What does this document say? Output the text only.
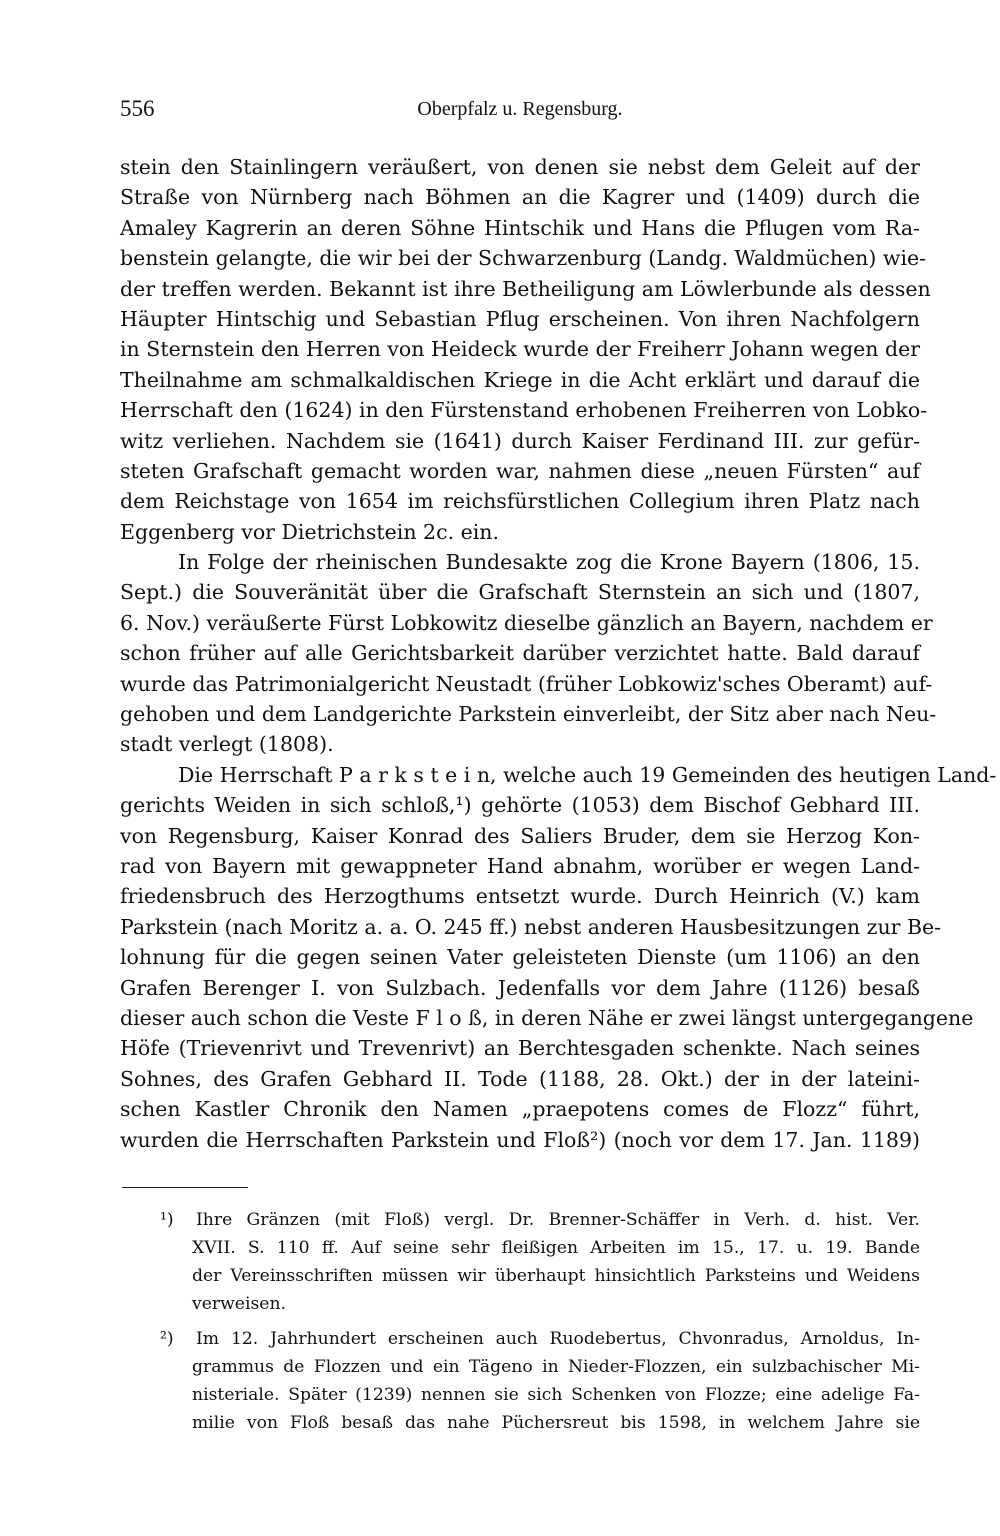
556	Oberpfalz u. Regensburg.
stein den Stainlingern veräußert, von denen sie nebst dem Geleit auf der
Straße von Nürnberg nach Böhmen an die Kagrer und (1409) durch die
Amaley Kagrerin an deren Söhne Hintschik und Hans die Pflugen vom Ra-
benstein gelangte, die wir bei der Schwarzenburg (Landg. Waldmüchen) wie-
der treffen werden. Bekannt ist ihre Betheiligung am Löwlerbunde als dessen
Häupter Hintschig und Sebastian Pflug erscheinen. Von ihren Nachfolgern
in Sternstein den Herren von Heideck wurde der Freiherr Johann wegen der
Theilnahme am schmalkaldischen Kriege in die Acht erklärt und darauf die
Herrschaft den (1624) in den Fürstenstand erhobenen Freiherren von Lobko-
witz verliehen. Nachdem sie (1641) durch Kaiser Ferdinand III. zur gefür-
steten Grafschaft gemacht worden war, nahmen diese „neuen Fürsten“ auf
dem Reichstage von 1654 im reichsfürstlichen Collegium ihren Platz nach
Eggenberg vor Dietrichstein 2c. ein.
In Folge der rheinischen Bundesakte zog die Krone Bayern (1806, 15.
Sept.) die Souveränität über die Grafschaft Sternstein an sich und (1807,
6. Nov.) veräußerte Fürst Lobkowitz dieselbe gänzlich an Bayern, nachdem er
schon früher auf alle Gerichtsbarkeit darüber verzichtet hatte. Bald darauf
wurde das Patrimonialgericht Neustadt (früher Lobkowiz'sches Oberamt) auf-
gehoben und dem Landgerichte Parkstein einverleibt, der Sitz aber nach Neu-
stadt verlegt (1808).
Die Herrschaft P a r k s t e i n, welche auch 19 Gemeinden des heutigen Land-
gerichts Weiden in sich schloß,¹) gehörte (1053) dem Bischof Gebhard III.
von Regensburg, Kaiser Konrad des Saliers Bruder, dem sie Herzog Kon-
rad von Bayern mit gewappneter Hand abnahm, worüber er wegen Land-
friedensbruch des Herzogthums entsetzt wurde. Durch Heinrich (V.) kam
Parkstein (nach Moritz a. a. O. 245 ff.) nebst anderen Hausbesitzungen zur Be-
lohnung für die gegen seinen Vater geleisteten Dienste (um 1106) an den
Grafen Berenger I. von Sulzbach. Jedenfalls vor dem Jahre (1126) besaß
dieser auch schon die Veste F l o ß, in deren Nähe er zwei längst untergegangene
Höfe (Trievenrivt und Trevenrivt) an Berchtesgaden schenkte. Nach seines
Sohnes, des Grafen Gebhard II. Tode (1188, 28. Okt.) der in der lateini-
schen Kastler Chronik den Namen „praepotens comes de Flozz“ führt,
wurden die Herrschaften Parkstein und Floß²) (noch vor dem 17. Jan. 1189)
¹) Ihre Gränzen (mit Floß) vergl. Dr. Brenner-Schäffer in Verh. d. hist. Ver.
XVII. S. 110 ff. Auf seine sehr fleißigen Arbeiten im 15., 17. u. 19. Bande
der Vereinsschriften müssen wir überhaupt hinsichtlich Parksteins und Weidens
verweisen.
²) Im 12. Jahrhundert erscheinen auch Ruodebertus, Chvonradus, Arnoldus, In-
grammus de Flozzen und ein Tägeno in Nieder-Flozzen, ein sulzbachischer Mi-
nisteriale. Später (1239) nennen sie sich Schenken von Flozze; eine adelige Fa-
milie von Floß besaß das nahe Püchersreut bis 1598, in welchem Jahre sie
